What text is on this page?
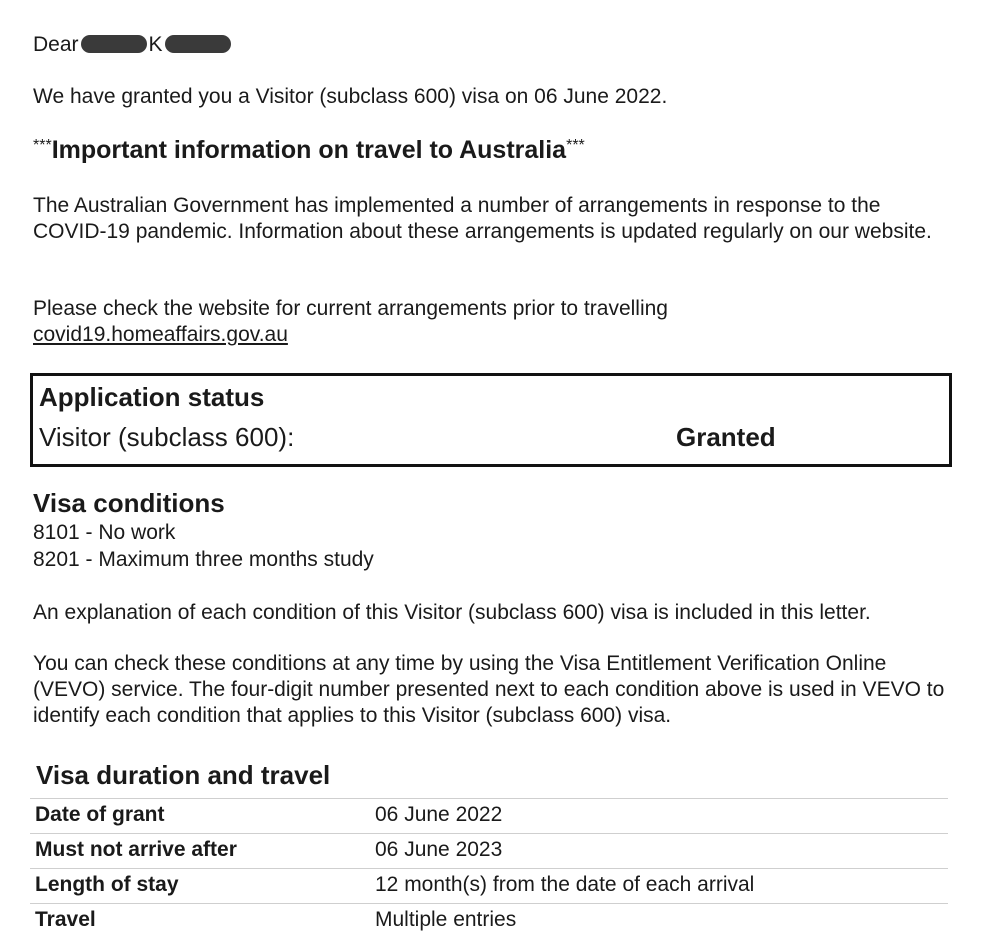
Dear	K
We have granted you a Visitor (subclass 600) visa on 06 June 2022.
***Important information on travel to Australia***
The Australian Government has implemented a number of arrangements in response to the COVID-19 pandemic. Information about these arrangements is updated regularly on our website.
Please check the website for current arrangements prior to travelling
covid19.homeaffairs.gov.au
Application status
Visitor (subclass 600):	Granted
Visa conditions
8101 - No work
8201 - Maximum three months study
An explanation of each condition of this Visitor (subclass 600) visa is included in this letter.
You can check these conditions at any time by using the Visa Entitlement Verification Online (VEVO) service. The four-digit number presented next to each condition above is used in VEVO to identify each condition that applies to this Visitor (subclass 600) visa.
Visa duration and travel
Date of grant	06 June 2022
Must not arrive after	06 June 2023
Length of stay	12 month(s) from the date of each arrival
Travel	Multiple entries
